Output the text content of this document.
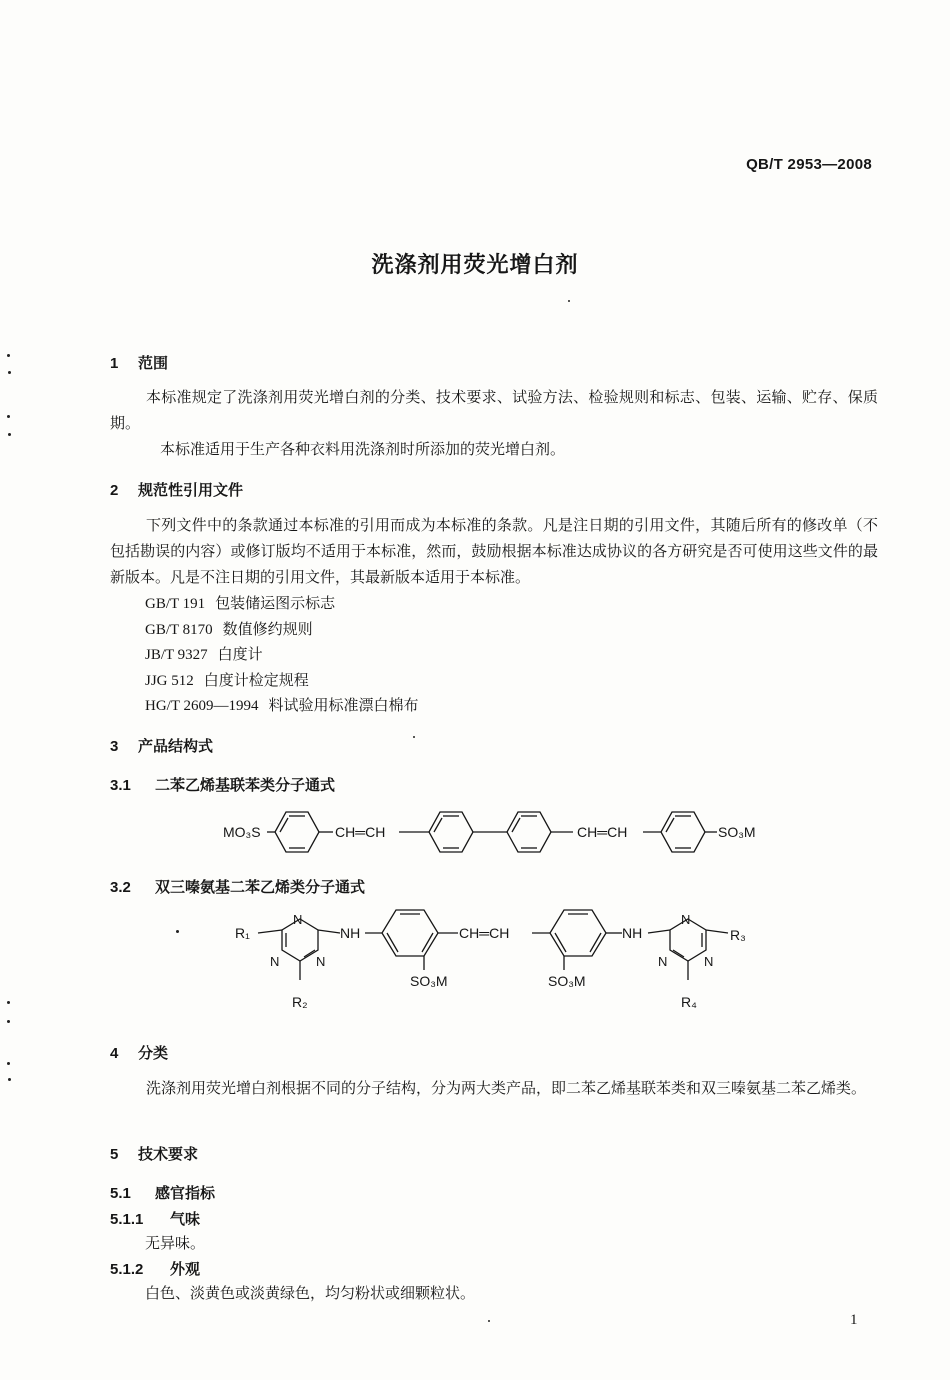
QB/T 2953—2008
洗涤剂用荧光增白剂
1 范围

本标准规定了洗涤剂用荧光增白剂的分类、技术要求、试验方法、检验规则和标志、包装、运输、贮存、保质期。

本标准适用于生产各种衣料用洗涤剂时所添加的荧光增白剂。

2 规范性引用文件

下列文件中的条款通过本标准的引用而成为本标准的条款。凡是注日期的引用文件，其随后所有的修改单（不包括勘误的内容）或修订版均不适用于本标准，然而，鼓励根据本标准达成协议的各方研究是否可使用这些文件的最新版本。凡是不注日期的引用文件，其最新版本适用于本标准。

GB/T 191 包装储运图示标志
GB/T 8170 数值修约规则
JB/T 9327 白度计
JJG 512 白度计检定规程
HG/T 2609—1994 料试验用标准漂白棉布
3 产品结构式
3.1 二苯乙烯基联苯类分子通式
MO₃S	CH═CH	CH═CH	SO₃M
3.2 双三嗪氨基二苯乙烯类分子通式
R₁
N
N	N
R₂
NH	CH═CH
SO₃M	SO₃M
NH
N
N	N
R₃
R₄
4 分类

洗涤剂用荧光增白剂根据不同的分子结构，分为两大类产品，即二苯乙烯基联苯类和双三嗪氨基二苯乙烯类。

5 技术要求
5.1 感官指标
5.1.1 气味
无异味。
5.1.2 外观
白色、淡黄色或淡黄绿色，均匀粉状或细颗粒状。
1
